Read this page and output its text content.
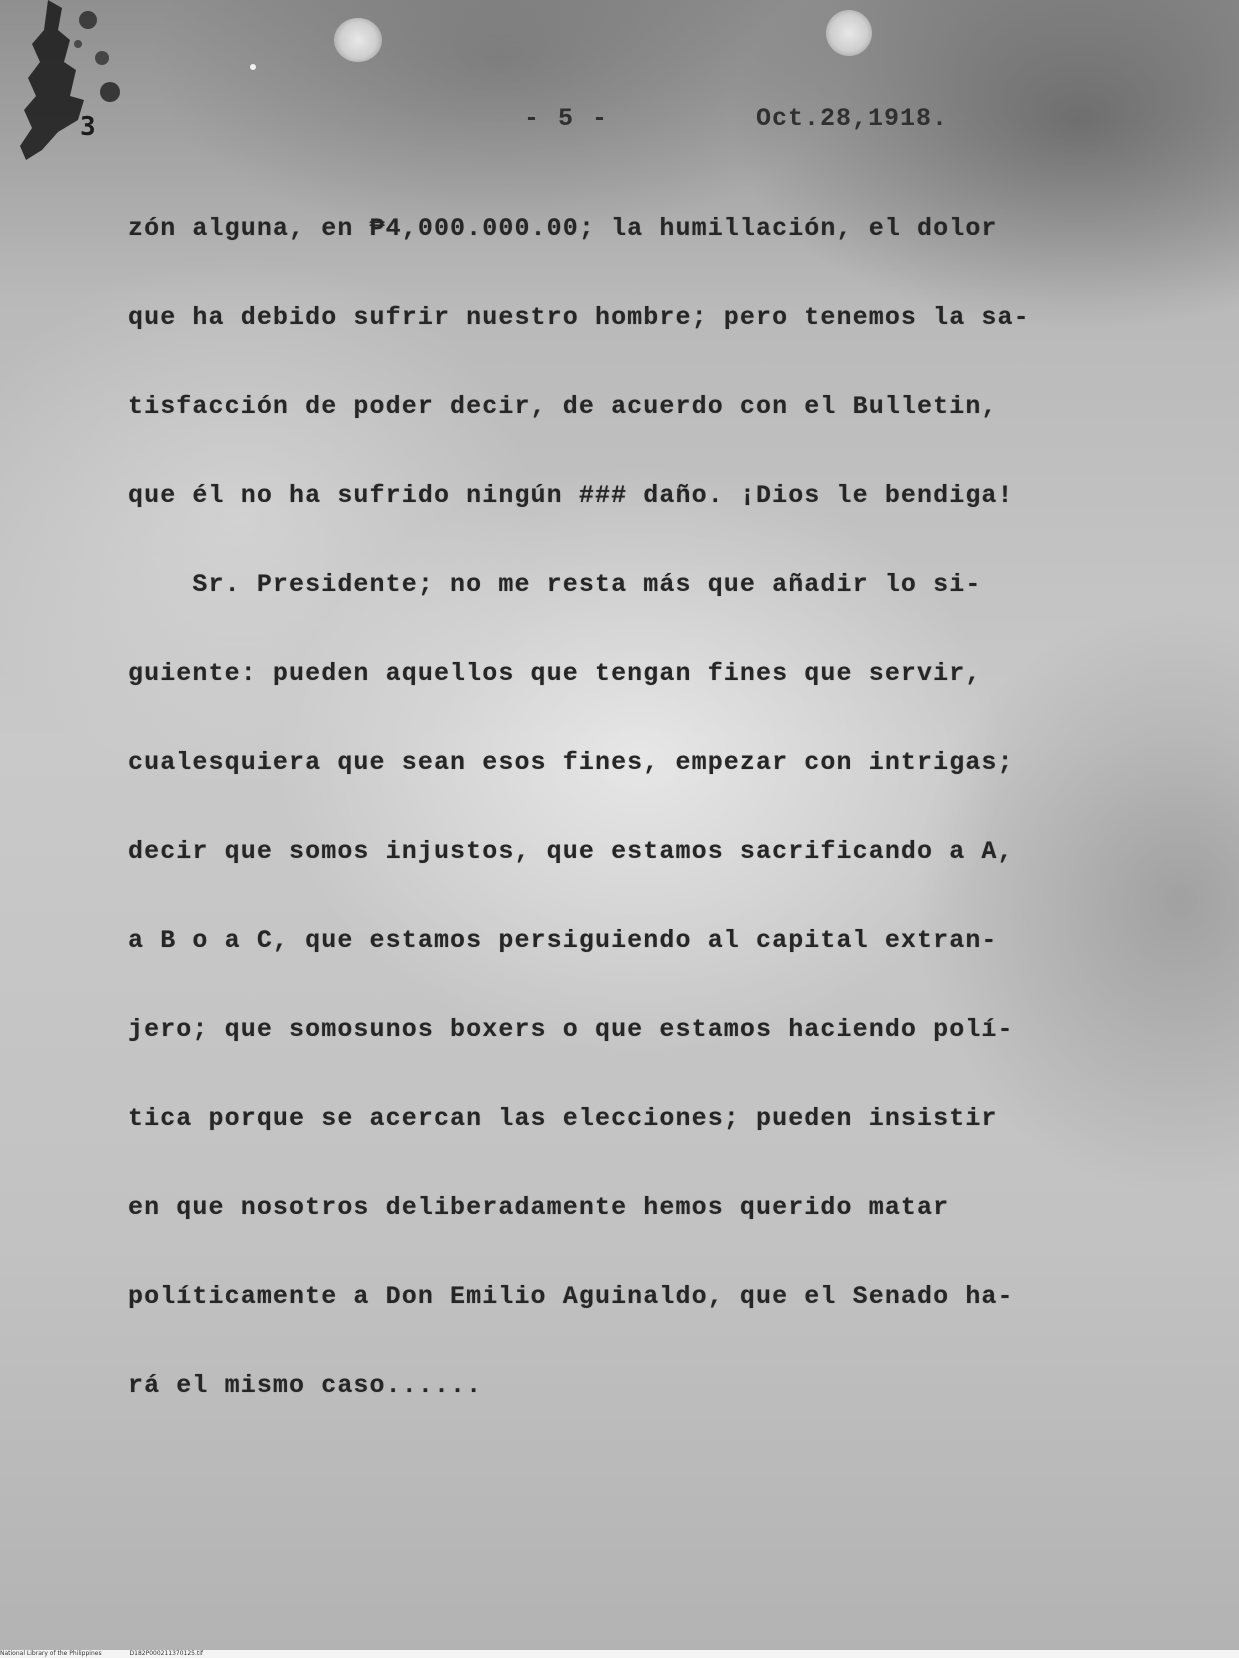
3	- 5 -	Oct.28,1918.
zón alguna, en ₱4,000.000.00; la humillación, el dolor
que ha debido sufrir nuestro hombre; pero tenemos la sa-
tisfacción de poder decir, de acuerdo con el Bulletin,
que él no ha sufrido ningún ### daño. ¡Dios le bendiga!
Sr. Presidente; no me resta más que añadir lo si-
guiente: pueden aquellos que tengan fines que servir,
cualesquiera que sean esos fines, empezar con intrigas;
decir que somos injustos, que estamos sacrificando a A,
a B o a C, que estamos persiguiendo al capital extran-
jero; que somosunos boxers o que estamos haciendo polí-
tica porque se acercan las elecciones; pueden insistir
en que nosotros deliberadamente hemos querido matar
políticamente a Don Emilio Aguinaldo, que el Senado ha-
rá el mismo caso......
National Library of the Philippines	D182P000211370125.tif
